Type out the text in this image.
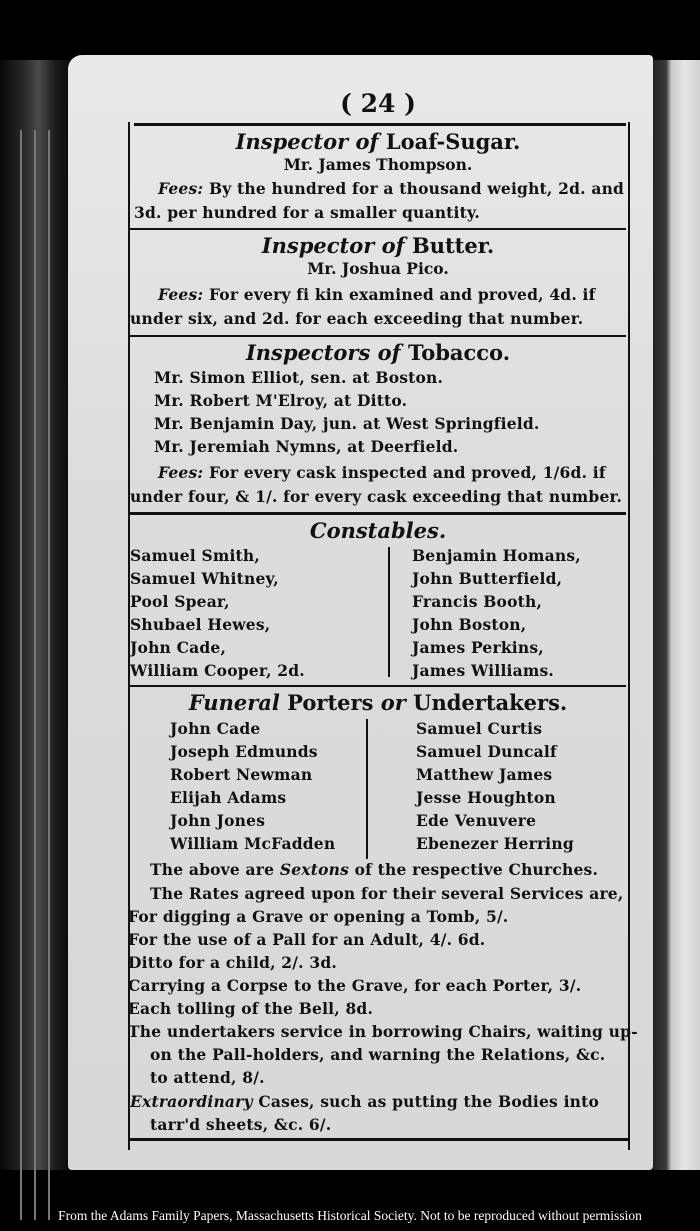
( 24 )
Inspector of Loaf-Sugar.
Mr. James Thompson.
Fees: By the hundred for a thousand weight, 2d. and
3d. per hundred for a smaller quantity.
Inspector of Butter.
Mr. Joshua Pico.
Fees: For every fi kin examined and proved, 4d. if
under six, and 2d. for each exceeding that number.
Inspectors of Tobacco.
Mr. Simon Elliot, sen. at Boston.
Mr. Robert M'Elroy, at Ditto.
Mr. Benjamin Day, jun. at West Springfield.
Mr. Jeremiah Nymns, at Deerfield.
Fees: For every cask inspected and proved, 1/6d. if
under four, & 1/. for every cask exceeding that number.
Constables.
Samuel Smith,
Samuel Whitney,
Pool Spear,
Shubael Hewes,
John Cade,
William Cooper, 2d.
Benjamin Homans,
John Butterfield,
Francis Booth,
John Boston,
James Perkins,
James Williams.
Funeral Porters or Undertakers.
John Cade
Joseph Edmunds
Robert Newman
Elijah Adams
John Jones
William McFadden
Samuel Curtis
Samuel Duncalf
Matthew James
Jesse Houghton
Ede Venuvere
Ebenezer Herring
The above are Sextons of the respective Churches.
The Rates agreed upon for their several Services are,
For digging a Grave or opening a Tomb, 5/.
For the use of a Pall for an Adult, 4/. 6d.
Ditto for a child, 2/. 3d.
Carrying a Corpse to the Grave, for each Porter, 3/.
Each tolling of the Bell, 8d.
The undertakers service in borrowing Chairs, waiting up-
on the Pall-holders, and warning the Relations, &c.
to attend, 8/.
Extraordinary Cases, such as putting the Bodies into
tarr'd sheets, &c. 6/.
From the Adams Family Papers, Massachusetts Historical Society. Not to be reproduced without permission
